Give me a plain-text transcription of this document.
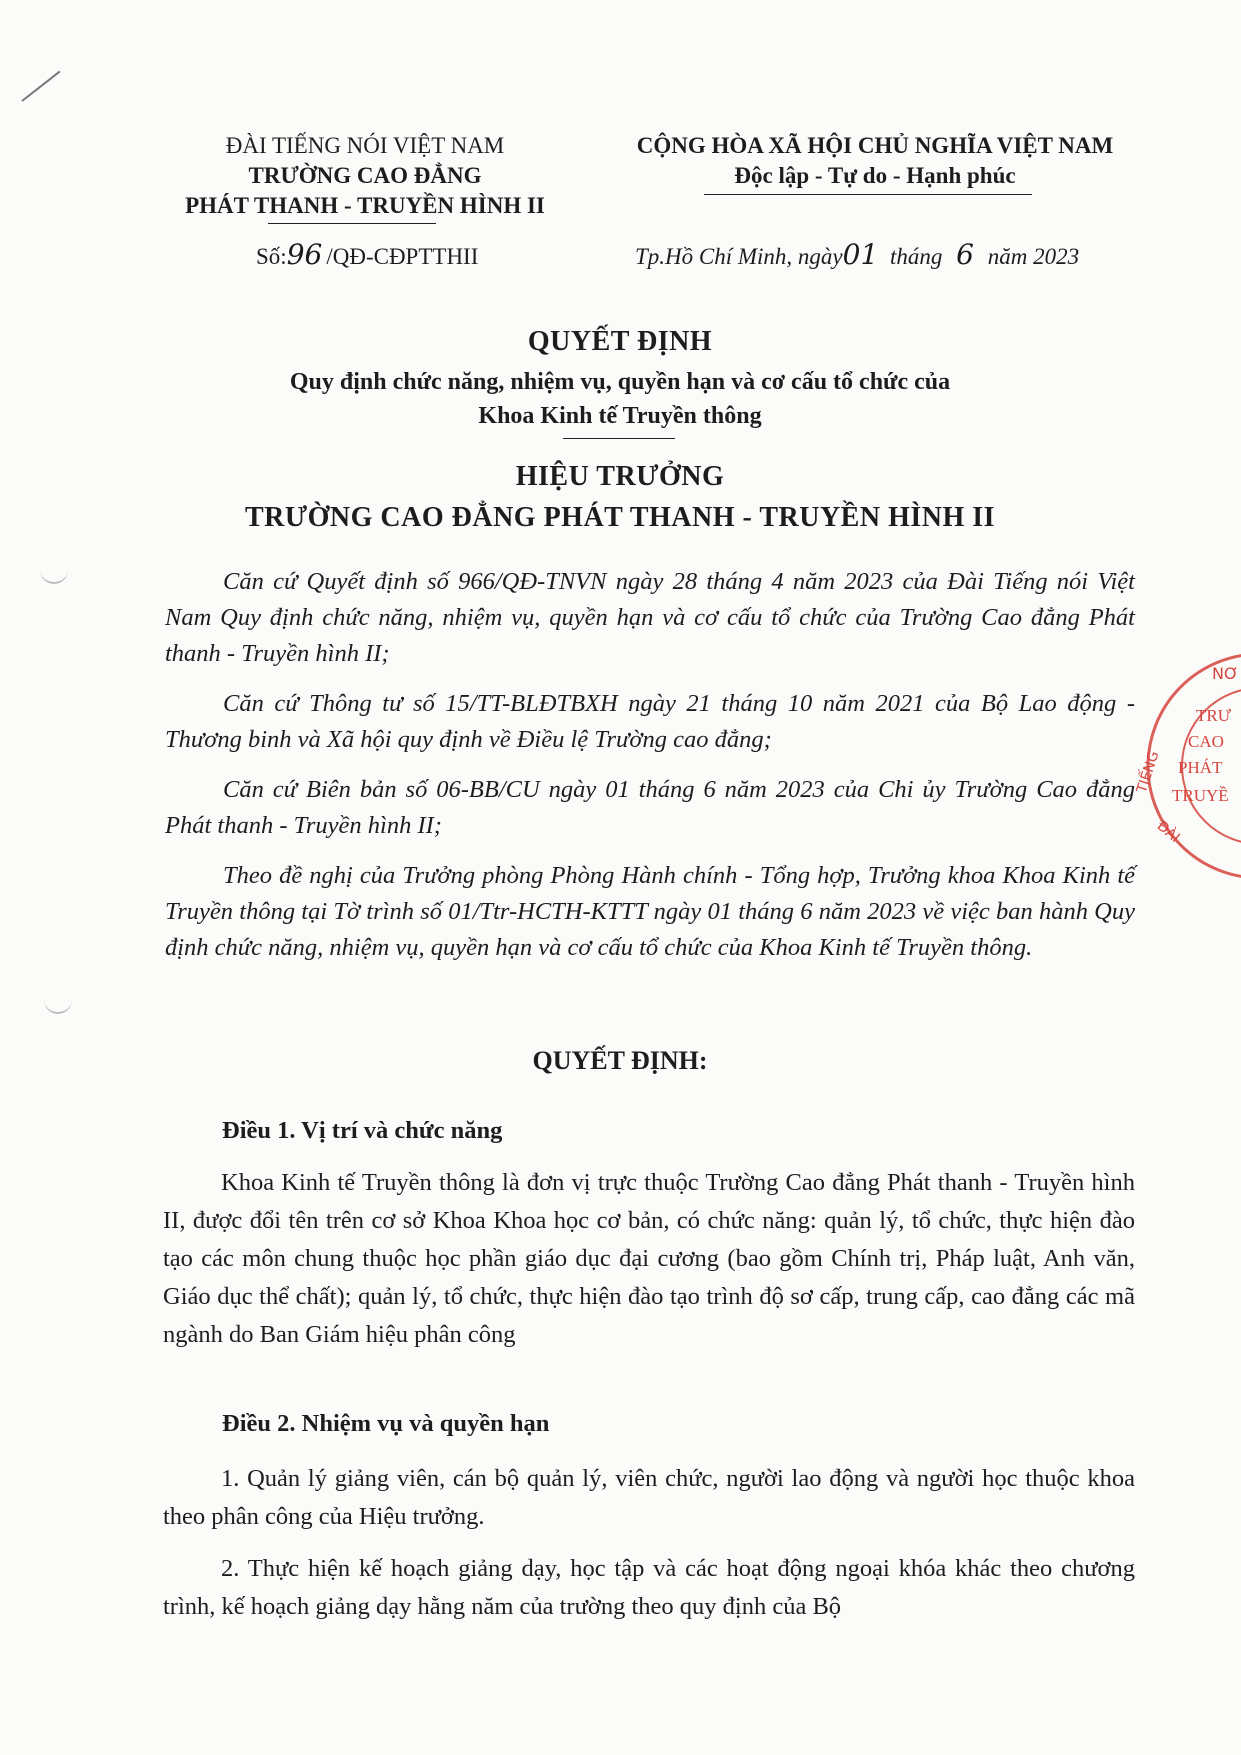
ĐÀI TIẾNG NÓI VIỆT NAM
TRƯỜNG CAO ĐẲNG
PHÁT THANH - TRUYỀN HÌNH II
Số:96 /QĐ-CĐPTTHII
CỘNG HÒA XÃ HỘI CHỦ NGHĨA VIỆT NAM
Độc lập - Tự do - Hạnh phúc
Tp.Hồ Chí Minh, ngày01 tháng 6 năm 2023
QUYẾT ĐỊNH
Quy định chức năng, nhiệm vụ, quyền hạn và cơ cấu tổ chức của
Khoa Kinh tế Truyền thông
HIỆU TRƯỞNG
TRƯỜNG CAO ĐẲNG PHÁT THANH - TRUYỀN HÌNH II
Căn cứ Quyết định số 966/QĐ-TNVN ngày 28 tháng 4 năm 2023 của Đài Tiếng nói Việt Nam Quy định chức năng, nhiệm vụ, quyền hạn và cơ cấu tổ chức của Trường Cao đẳng Phát thanh - Truyền hình II;
Căn cứ Thông tư số 15/TT-BLĐTBXH ngày 21 tháng 10 năm 2021 của Bộ Lao động - Thương binh và Xã hội quy định về Điều lệ Trường cao đẳng;
Căn cứ Biên bản số 06-BB/CU ngày 01 tháng 6 năm 2023 của Chi ủy Trường Cao đẳng Phát thanh - Truyền hình II;
Theo đề nghị của Trưởng phòng Phòng Hành chính - Tổng hợp, Trưởng khoa Khoa Kinh tế Truyền thông tại Tờ trình số 01/Ttr-HCTH-KTTT ngày 01 tháng 6 năm 2023 về việc ban hành Quy định chức năng, nhiệm vụ, quyền hạn và cơ cấu tổ chức của Khoa Kinh tế Truyền thông.
QUYẾT ĐỊNH:
Điều 1. Vị trí và chức năng
Khoa Kinh tế Truyền thông là đơn vị trực thuộc Trường Cao đẳng Phát thanh - Truyền hình II, được đổi tên trên cơ sở Khoa Khoa học cơ bản, có chức năng: quản lý, tổ chức, thực hiện đào tạo các môn chung thuộc học phần giáo dục đại cương (bao gồm Chính trị, Pháp luật, Anh văn, Giáo dục thể chất); quản lý, tổ chức, thực hiện đào tạo trình độ sơ cấp, trung cấp, cao đẳng các mã ngành do Ban Giám hiệu phân công
Điều 2. Nhiệm vụ và quyền hạn
1. Quản lý giảng viên, cán bộ quản lý, viên chức, người lao động và người học thuộc khoa theo phân công của Hiệu trưởng.
2. Thực hiện kế hoạch giảng dạy, học tập và các hoạt động ngoại khóa khác theo chương trình, kế hoạch giảng dạy hằng năm của trường theo quy định của Bộ
NƠ
TIẾNG
TRƯ
CAO
PHÁT
TRUYỀ
ĐÀI
